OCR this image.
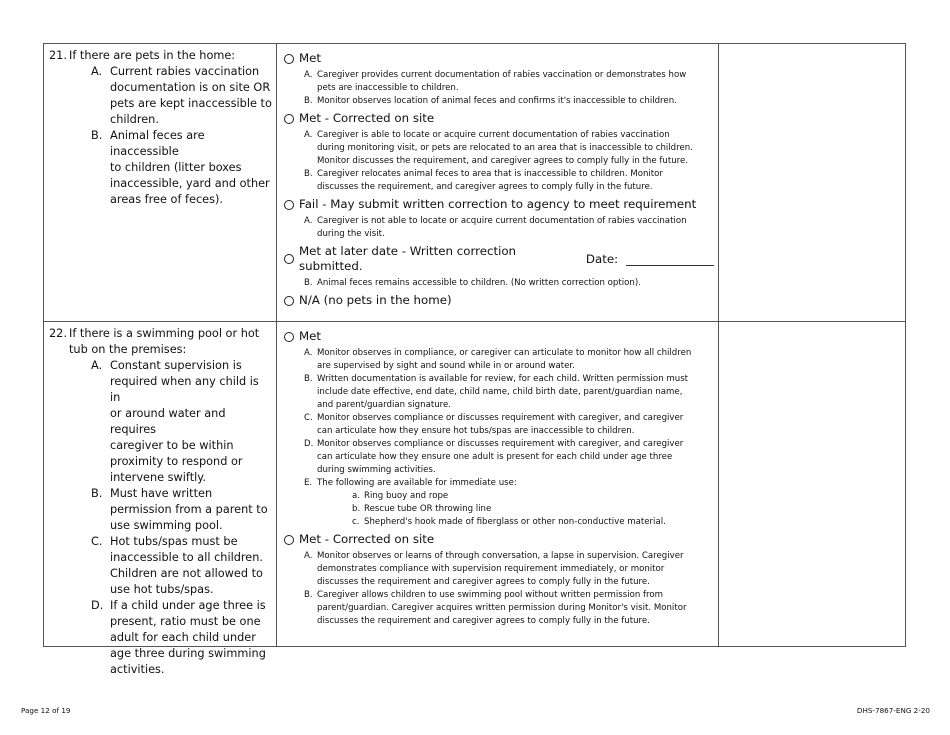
21. If there are pets in the home:
A. Current rabies vaccination
documentation is on site OR
pets are kept inaccessible to
children.
B. Animal feces are inaccessible
to children (litter boxes
inaccessible, yard and other
areas free of feces).
Met
A. Caregiver provides current documentation of rabies vaccination or demonstrates how
pets are inaccessible to children.
B. Monitor observes location of animal feces and confirms it's inaccessible to children.
Met - Corrected on site
A. Caregiver is able to locate or acquire current documentation of rabies vaccination
during monitoring visit, or pets are relocated to an area that is inaccessible to children.
Monitor discusses the requirement, and caregiver agrees to comply fully in the future.
B. Caregiver relocates animal feces to area that is inaccessible to children. Monitor
discusses the requirement, and caregiver agrees to comply fully in the future.
Fail - May submit written correction to agency to meet requirement
A. Caregiver is not able to locate or acquire current documentation of rabies vaccination
during the visit.
Met at later date - Written correction submitted.
Date:
B. Animal feces remains accessible to children. (No written correction option).
N/A (no pets in the home)
22. If there is a swimming pool or hot
tub on the premises:
A. Constant supervision is
required when any child is in
or around water and requires
caregiver to be within
proximity to respond or
intervene swiftly.
B. Must have written
permission from a parent to
use swimming pool.
C. Hot tubs/spas must be
inaccessible to all children.
Children are not allowed to
use hot tubs/spas.
D. If a child under age three is
present, ratio must be one
adult for each child under
age three during swimming
activities.
Met
A. Monitor observes in compliance, or caregiver can articulate to monitor how all children
are supervised by sight and sound while in or around water.
B. Written documentation is available for review, for each child. Written permission must
include date effective, end date, child name, child birth date, parent/guardian name,
and parent/guardian signature.
C. Monitor observes compliance or discusses requirement with caregiver, and caregiver
can articulate how they ensure hot tubs/spas are inaccessible to children.
D. Monitor observes compliance or discusses requirement with caregiver, and caregiver
can articulate how they ensure one adult is present for each child under age three
during swimming activities.
E. The following are available for immediate use:
a. Ring buoy and rope
b. Rescue tube OR throwing line
c. Shepherd's hook made of fiberglass or other non-conductive material.
Met - Corrected on site
A. Monitor observes or learns of through conversation, a lapse in supervision. Caregiver
demonstrates compliance with supervision requirement immediately, or monitor
discusses the requirement and caregiver agrees to comply fully in the future.
B. Caregiver allows children to use swimming pool without written permission from
parent/guardian. Caregiver acquires written permission during Monitor's visit. Monitor
discusses the requirement and caregiver agrees to comply fully in the future.
Page 12 of 19	DHS-7867-ENG 2-20
